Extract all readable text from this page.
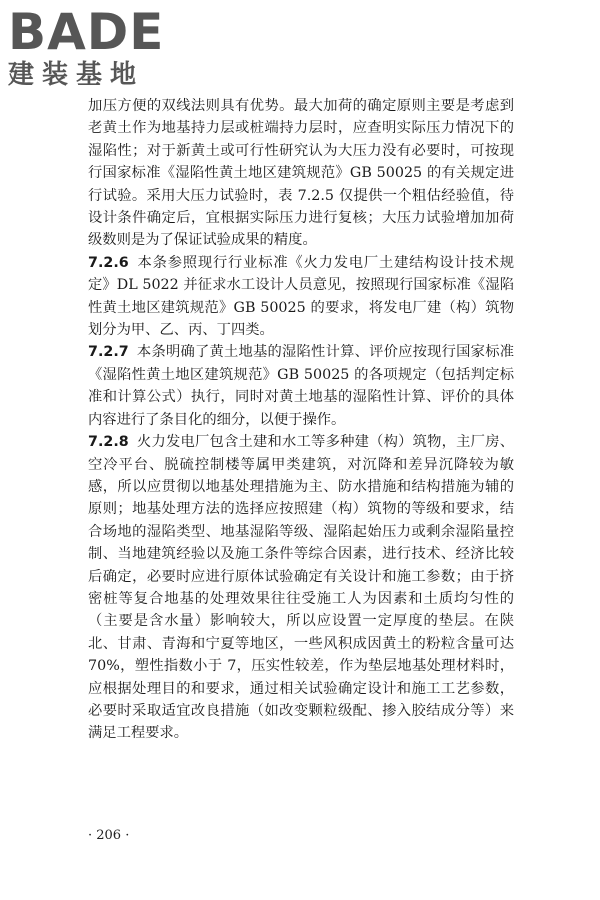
BADE
建装基地

加压方便的双线法则具有优势。最大加荷的确定原则主要是考虑到老黄土作为地基持力层或桩端持力层时，应查明实际压力情况下的湿陷性；对于新黄土或可行性研究认为大压力没有必要时，可按现行国家标准《湿陷性黄土地区建筑规范》GB 50025 的有关规定进行试验。采用大压力试验时，表 7.2.5 仅提供一个粗估经验值，待设计条件确定后，宜根据实际压力进行复核；大压力试验增加加荷级数则是为了保证试验成果的精度。

7.2.6 本条参照现行行业标准《火力发电厂土建结构设计技术规定》DL 5022 并征求水工设计人员意见，按照现行国家标准《湿陷性黄土地区建筑规范》GB 50025 的要求，将发电厂建（构）筑物划分为甲、乙、丙、丁四类。

7.2.7 本条明确了黄土地基的湿陷性计算、评价应按现行国家标准《湿陷性黄土地区建筑规范》GB 50025 的各项规定（包括判定标准和计算公式）执行，同时对黄土地基的湿陷性计算、评价的具体内容进行了条目化的细分，以便于操作。

7.2.8 火力发电厂包含土建和水工等多种建（构）筑物，主厂房、空冷平台、脱硫控制楼等属甲类建筑，对沉降和差异沉降较为敏感，所以应贯彻以地基处理措施为主、防水措施和结构措施为辅的原则；地基处理方法的选择应按照建（构）筑物的等级和要求，结合场地的湿陷类型、地基湿陷等级、湿陷起始压力或剩余湿陷量控制、当地建筑经验以及施工条件等综合因素，进行技术、经济比较后确定，必要时应进行原体试验确定有关设计和施工参数；由于挤密桩等复合地基的处理效果往往受施工人为因素和土质均匀性的（主要是含水量）影响较大，所以应设置一定厚度的垫层。在陕北、甘肃、青海和宁夏等地区，一些风积成因黄土的粉粒含量可达70%，塑性指数小于 7，压实性较差，作为垫层地基处理材料时，应根据处理目的和要求，通过相关试验确定设计和施工工艺参数，必要时采取适宜改良措施（如改变颗粒级配、掺入胶结成分等）来满足工程要求。

· 206 ·
